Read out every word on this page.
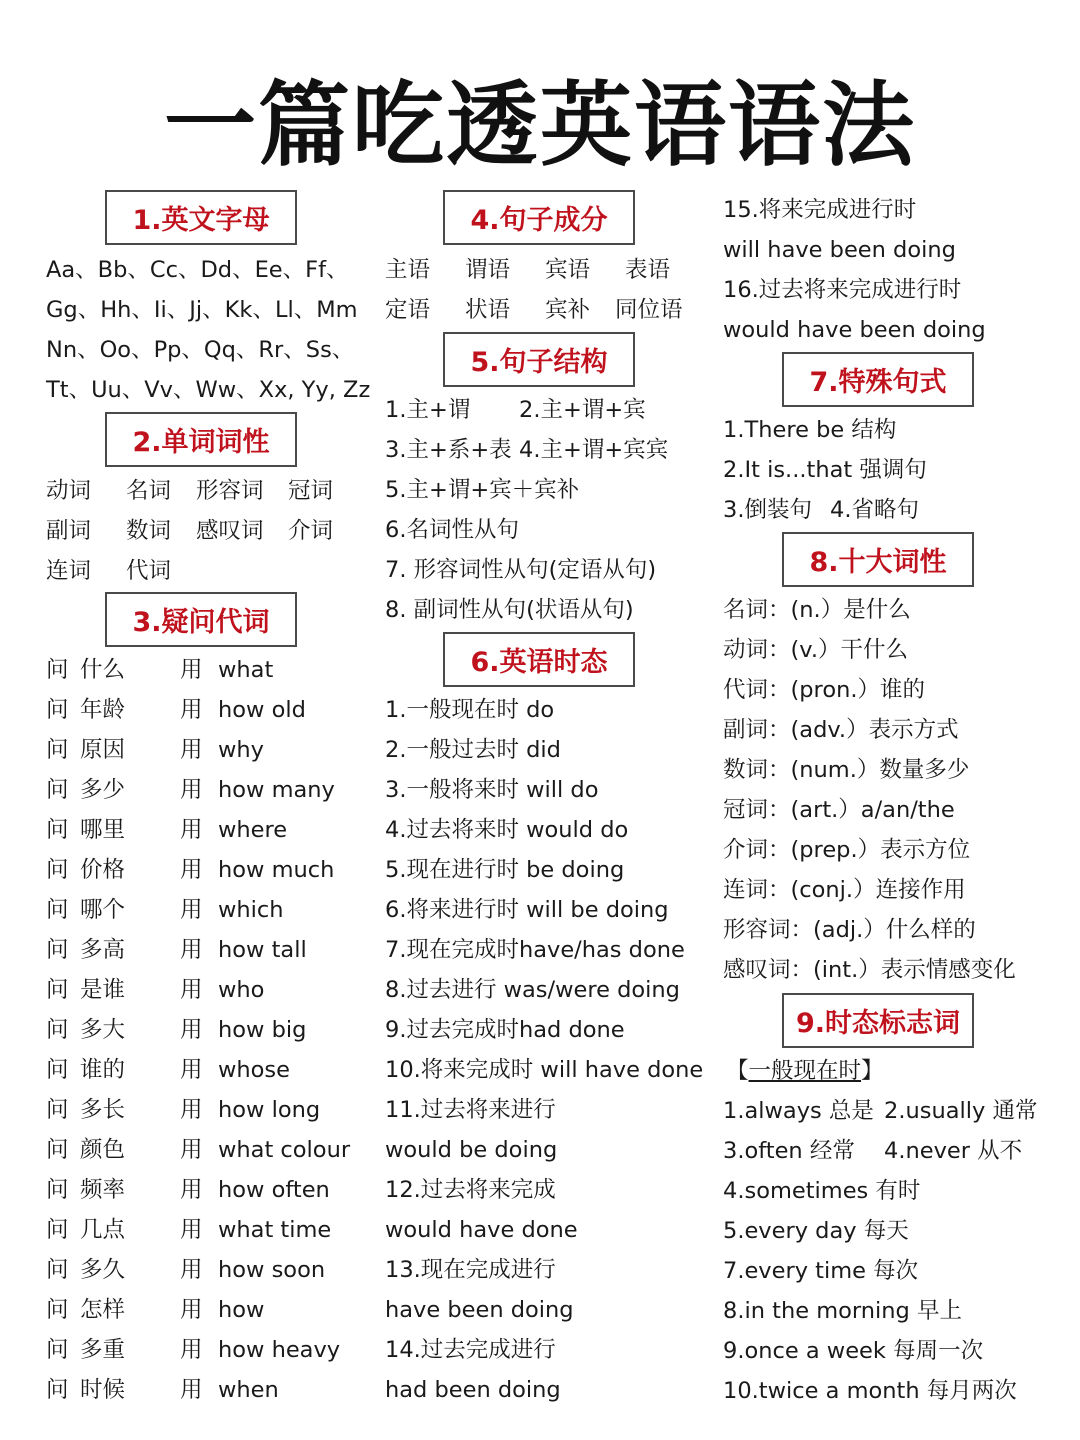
一篇吃透英语语法
1.英文字母
Aa、Bb、Cc、Dd、Ee、Ff、
Gg、Hh、Ii、Jj、Kk、Ll、Mm
Nn、Oo、Pp、Qq、Rr、Ss、
Tt、Uu、Vv、Ww、Xx, Yy, Zz
2.单词词性
动词 名词 形容词 冠词
副词 数词 感叹词 介词
连词 代词
3.疑问代词
问 什么 用 what
问 年龄 用 how old
问 原因 用 why
问 多少 用 how many
问 哪里 用 where
问 价格 用 how much
问 哪个 用 which
问 多高 用 how tall
问 是谁 用 who
问 多大 用 how big
问 谁的 用 whose
问 多长 用 how long
问 颜色 用 what colour
问 频率 用 how often
问 几点 用 what time
问 多久 用 how soon
问 怎样 用 how
问 多重 用 how heavy
问 时候 用 when
4.句子成分
主语 谓语 宾语 表语
定语 状语 宾补 同位语
5.句子结构
1.主+谓 2.主+谓+宾
3.主+系+表 4.主+谓+宾宾
5.主+谓+宾＋宾补
6.名词性从句
7. 形容词性从句(定语从句)
8. 副词性从句(状语从句)
6.英语时态
1.一般现在时 do
2.一般过去时 did
3.一般将来时 will do
4.过去将来时 would do
5.现在进行时 be doing
6.将来进行时 will be doing
7.现在完成时have/has done
8.过去进行 was/were doing
9.过去完成时had done
10.将来完成时 will have done
11.过去将来进行
would be doing
12.过去将来完成
would have done
13.现在完成进行
have been doing
14.过去完成进行
had been doing
15.将来完成进行时
will have been doing
16.过去将来完成进行时
would have been doing
7.特殊句式
1.There be 结构
2.It is...that 强调句
3.倒装句 4.省略句
8.十大词性
名词：(n.）是什么
动词：(v.）干什么
代词：(pron.）谁的
副词：(adv.）表示方式
数词：(num.）数量多少
冠词：(art.）a/an/the
介词：(prep.）表示方位
连词：(conj.）连接作用
形容词：(adj.）什么样的
感叹词：(int.）表示情感变化
9.时态标志词
【一般现在时】
1.always 总是 2.usually 通常
3.often 经常 4.never 从不
4.sometimes 有时
5.every day 每天
7.every time 每次
8.in the morning 早上
9.once a week 每周一次
10.twice a month 每月两次
